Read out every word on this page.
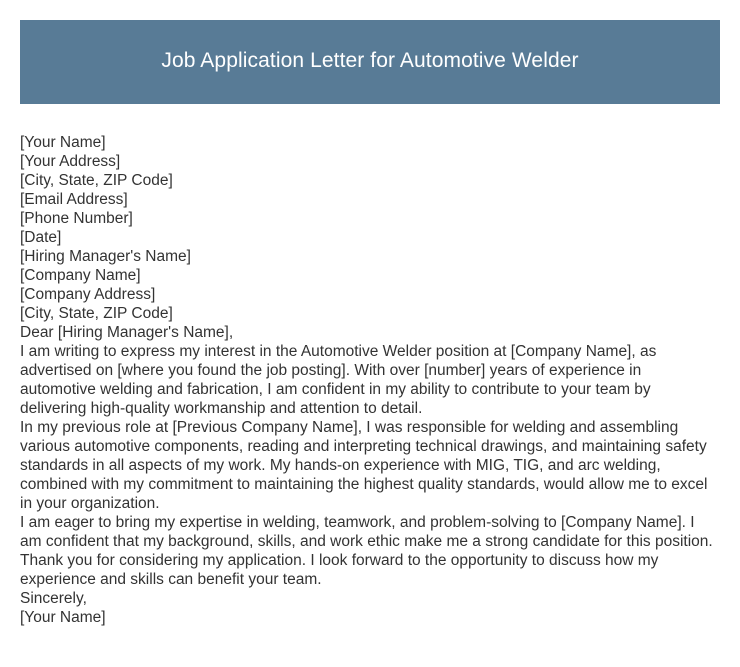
Job Application Letter for Automotive Welder

[Your Name]

[Your Address]

[City, State, ZIP Code]

[Email Address]

[Phone Number]

[Date]

[Hiring Manager's Name]

[Company Name]

[Company Address]

[City, State, ZIP Code]

Dear [Hiring Manager's Name],

I am writing to express my interest in the Automotive Welder position at [Company Name], as advertised on [where you found the job posting]. With over [number] years of experience in automotive welding and fabrication, I am confident in my ability to contribute to your team by delivering high-quality workmanship and attention to detail.

In my previous role at [Previous Company Name], I was responsible for welding and assembling various automotive components, reading and interpreting technical drawings, and maintaining safety standards in all aspects of my work. My hands-on experience with MIG, TIG, and arc welding, combined with my commitment to maintaining the highest quality standards, would allow me to excel in your organization.

I am eager to bring my expertise in welding, teamwork, and problem-solving to [Company Name]. I am confident that my background, skills, and work ethic make me a strong candidate for this position.

Thank you for considering my application. I look forward to the opportunity to discuss how my experience and skills can benefit your team.

Sincerely,

[Your Name]
